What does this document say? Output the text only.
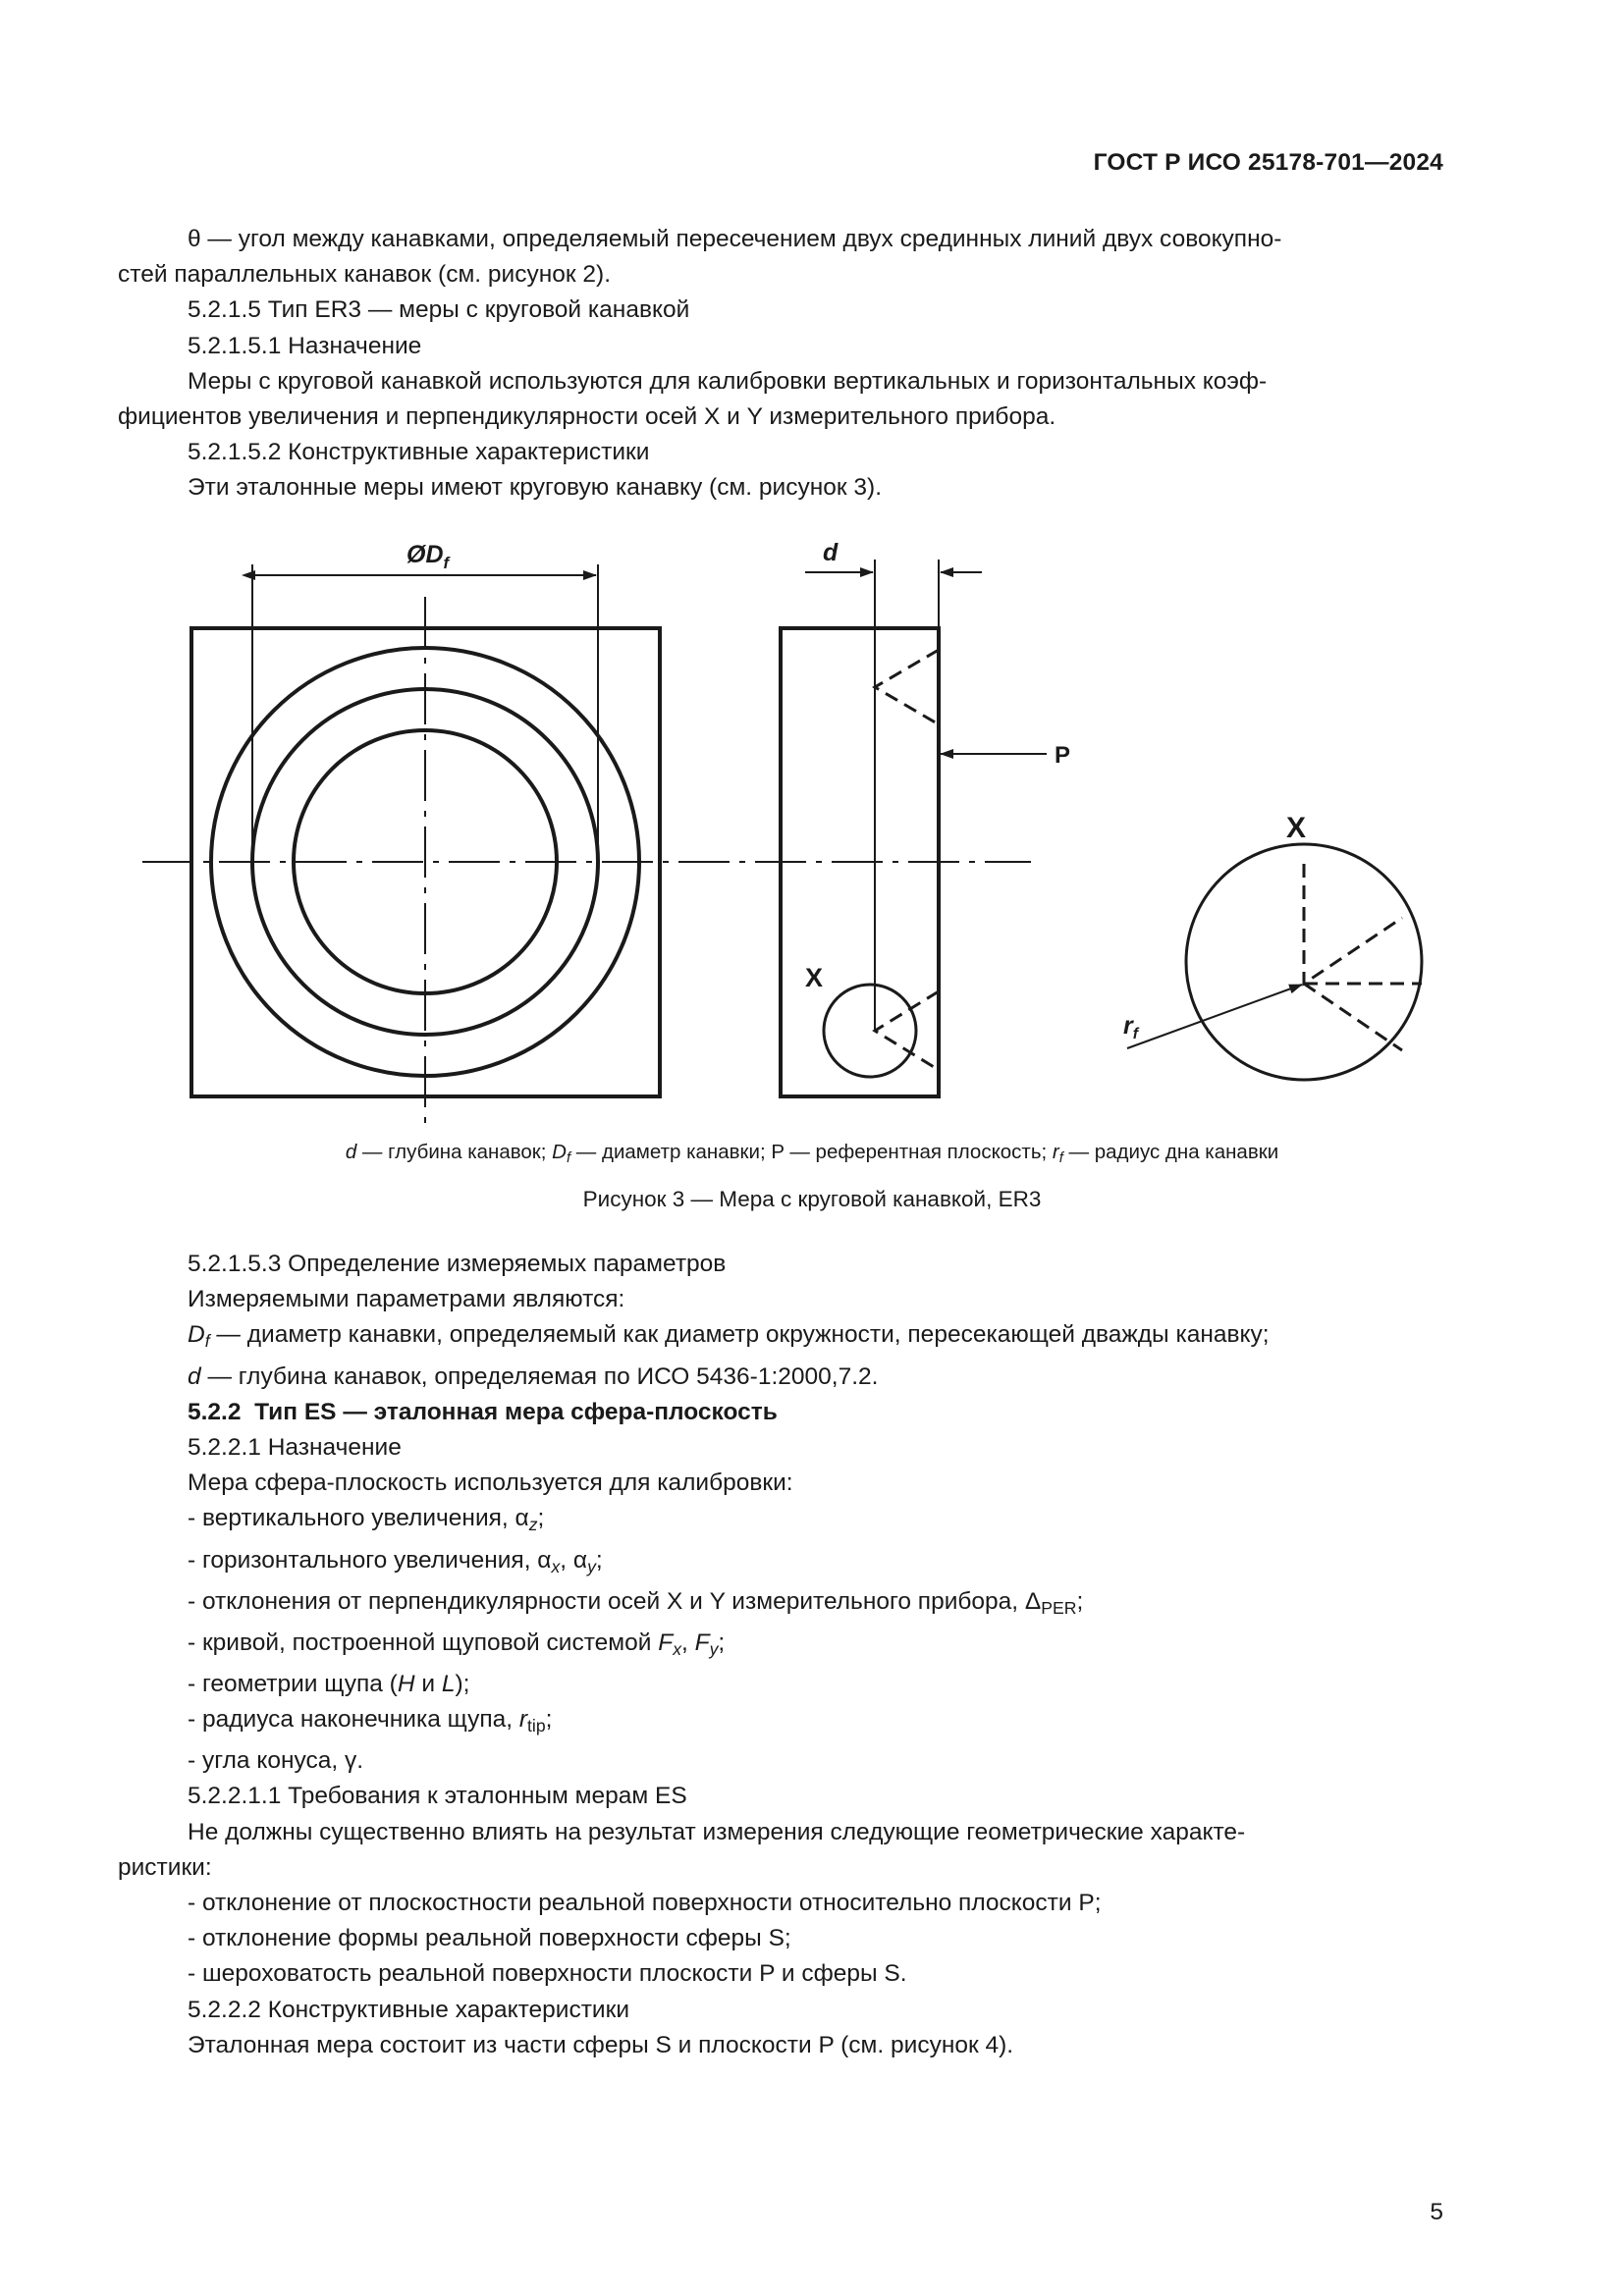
ГОСТ Р ИСО 25178-701—2024

θ — угол между канавками, определяемый пересечением двух срединных линий двух совокупно-

стей параллельных канавок (см. рисунок 2).

5.2.1.5 Тип ER3 — меры с круговой канавкой

5.2.1.5.1 Назначение

Меры с круговой канавкой используются для калибровки вертикальных и горизонтальных коэф-

фициентов увеличения и перпендикулярности осей X и Y измерительного прибора.

5.2.1.5.2 Конструктивные характеристики

Эти эталонные меры имеют круговую канавку (см. рисунок 3).

$ØD_f$	d
P
X
X
$r_f$
d — глубина канавок; $D_f$ — диаметр канавки; P — референтная плоскость; $r_f$ — радиус дна канавки
Рисунок 3 — Мера с круговой канавкой, ER3

5.2.1.5.3 Определение измеряемых параметров

Измеряемыми параметрами являются:

$D_f$ — диаметр канавки, определяемый как диаметр окружности, пересекающей дважды канавку;

d — глубина канавок, определяемая по ИСО 5436-1:2000,7.2.

5.2.2 Тип ES — эталонная мера сфера-плоскость

5.2.2.1 Назначение

Мера сфера-плоскость используется для калибровки:

- вертикального увеличения, $\alpha_z$;

- горизонтального увеличения, $\alpha_x$, $\alpha_y$;

- отклонения от перпендикулярности осей X и Y измерительного прибора, $\Delta_{PER}$;

- кривой, построенной щуповой системой $F_x$, $F_y$;

- геометрии щупа (H и L);

- радиуса наконечника щупа, $r_{tip}$;

- угла конуса, γ.

5.2.2.1.1 Требования к эталонным мерам ES

Не должны существенно влиять на результат измерения следующие геометрические характе-

ристики:

- отклонение от плоскостности реальной поверхности относительно плоскости P;

- отклонение формы реальной поверхности сферы S;

- шероховатость реальной поверхности плоскости P и сферы S.

5.2.2.2 Конструктивные характеристики

Эталонная мера состоит из части сферы S и плоскости P (см. рисунок 4).

5
